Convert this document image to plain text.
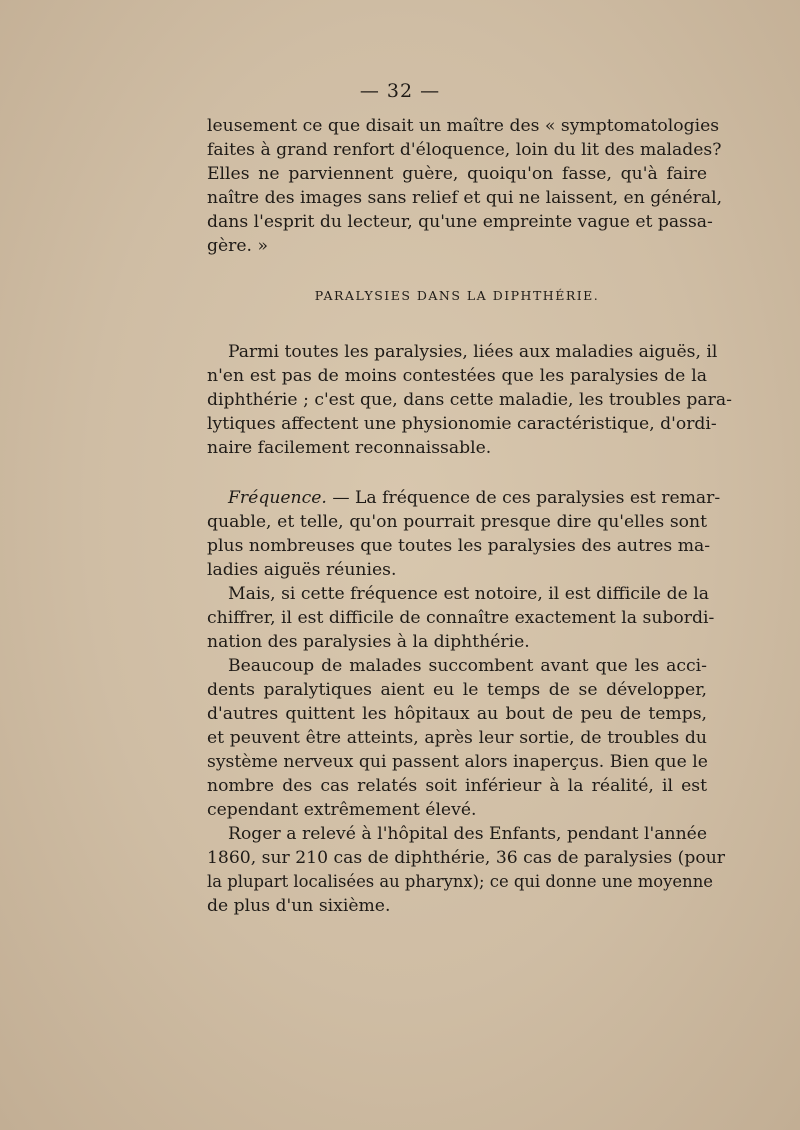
— 32 —
leusement ce que disait un maître des « symptomatologies
faites à grand renfort d'éloquence, loin du lit des malades?
Elles ne parviennent guère, quoiqu'on fasse, qu'à faire
naître des images sans relief et qui ne laissent, en général,
dans l'esprit du lecteur, qu'une empreinte vague et passa-
gère. »
PARALYSIES DANS LA DIPHTHÉRIE.
Parmi toutes les paralysies, liées aux maladies aiguës, il
n'en est pas de moins contestées que les paralysies de la
diphthérie ; c'est que, dans cette maladie, les troubles para-
lytiques affectent une physionomie caractéristique, d'ordi-
naire facilement reconnaissable.
Fréquence. — La fréquence de ces paralysies est remar-
quable, et telle, qu'on pourrait presque dire qu'elles sont
plus nombreuses que toutes les paralysies des autres ma-
ladies aiguës réunies.
Mais, si cette fréquence est notoire, il est difficile de la
chiffrer, il est difficile de connaître exactement la subordi-
nation des paralysies à la diphthérie.
Beaucoup de malades succombent avant que les acci-
dents paralytiques aient eu le temps de se développer,
d'autres quittent les hôpitaux au bout de peu de temps,
et peuvent être atteints, après leur sortie, de troubles du
système nerveux qui passent alors inaperçus. Bien que le
nombre des cas relatés soit inférieur à la réalité, il est
cependant extrêmement élevé.
Roger a relevé à l'hôpital des Enfants, pendant l'année
1860, sur 210 cas de diphthérie, 36 cas de paralysies (pour
la plupart localisées au pharynx); ce qui donne une moyenne
de plus d'un sixième.
